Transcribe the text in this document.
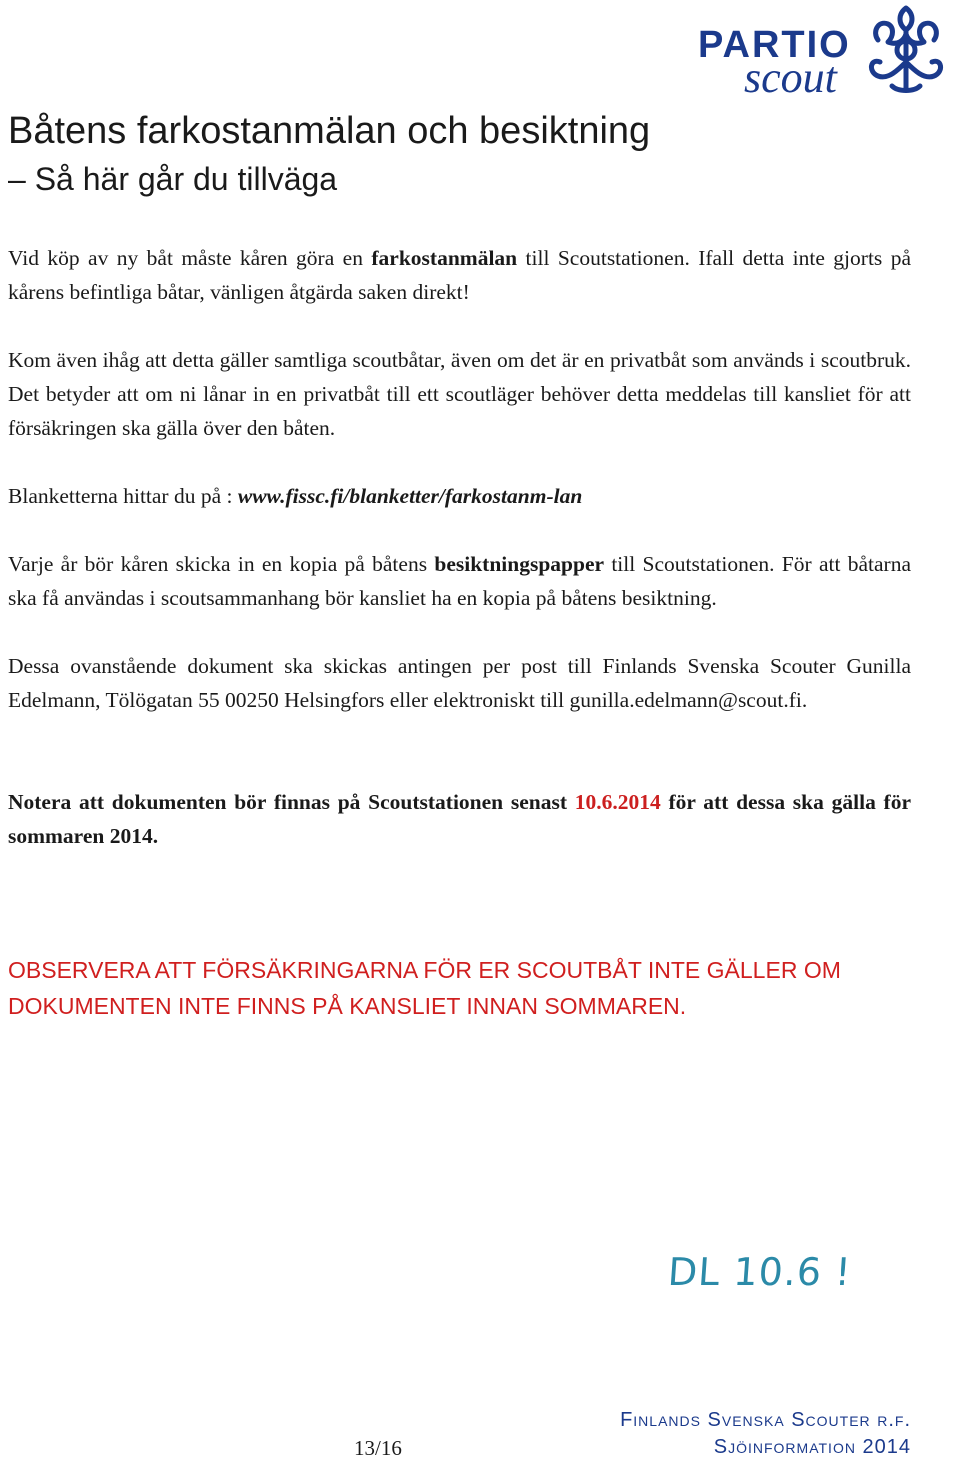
PARTIO
scout
Båtens farkostanmälan och besiktning
– Så här går du tillväga

Vid köp av ny båt måste kåren göra en farkostanmälan till Scoutstationen. Ifall detta inte gjorts på kårens befintliga båtar, vänligen åtgärda saken direkt!

Kom även ihåg att detta gäller samtliga scoutbåtar, även om det är en privatbåt som används i scoutbruk. Det betyder att om ni lånar in en privatbåt till ett scoutläger behöver detta meddelas till kansliet för att försäkringen ska gälla över den båten.

Blanketterna hittar du på : www.fissc.fi/blanketter/farkostanm-lan

Varje år bör kåren skicka in en kopia på båtens besiktningspapper till Scoutstationen. För att båtarna ska få användas i scoutsammanhang bör kansliet ha en kopia på båtens besiktning.

Dessa ovanstående dokument ska skickas antingen per post till Finlands Svenska Scouter Gunilla Edelmann, Tölögatan 55 00250 Helsingfors eller elektroniskt till gunilla.edelmann@scout.fi.

Notera att dokumenten bör finnas på Scoutstationen senast 10.6.2014 för att dessa ska gälla för sommaren 2014.

OBSERVERA ATT FÖRSÄKRINGARNA FÖR ER SCOUTBÅT INTE GÄLLER OM DOKUMENTEN INTE FINNS PÅ KANSLIET INNAN SOMMAREN.

DL 10.6 !
13/16
Finlands Svenska Scouter r.f.
Sjöinformation 2014
